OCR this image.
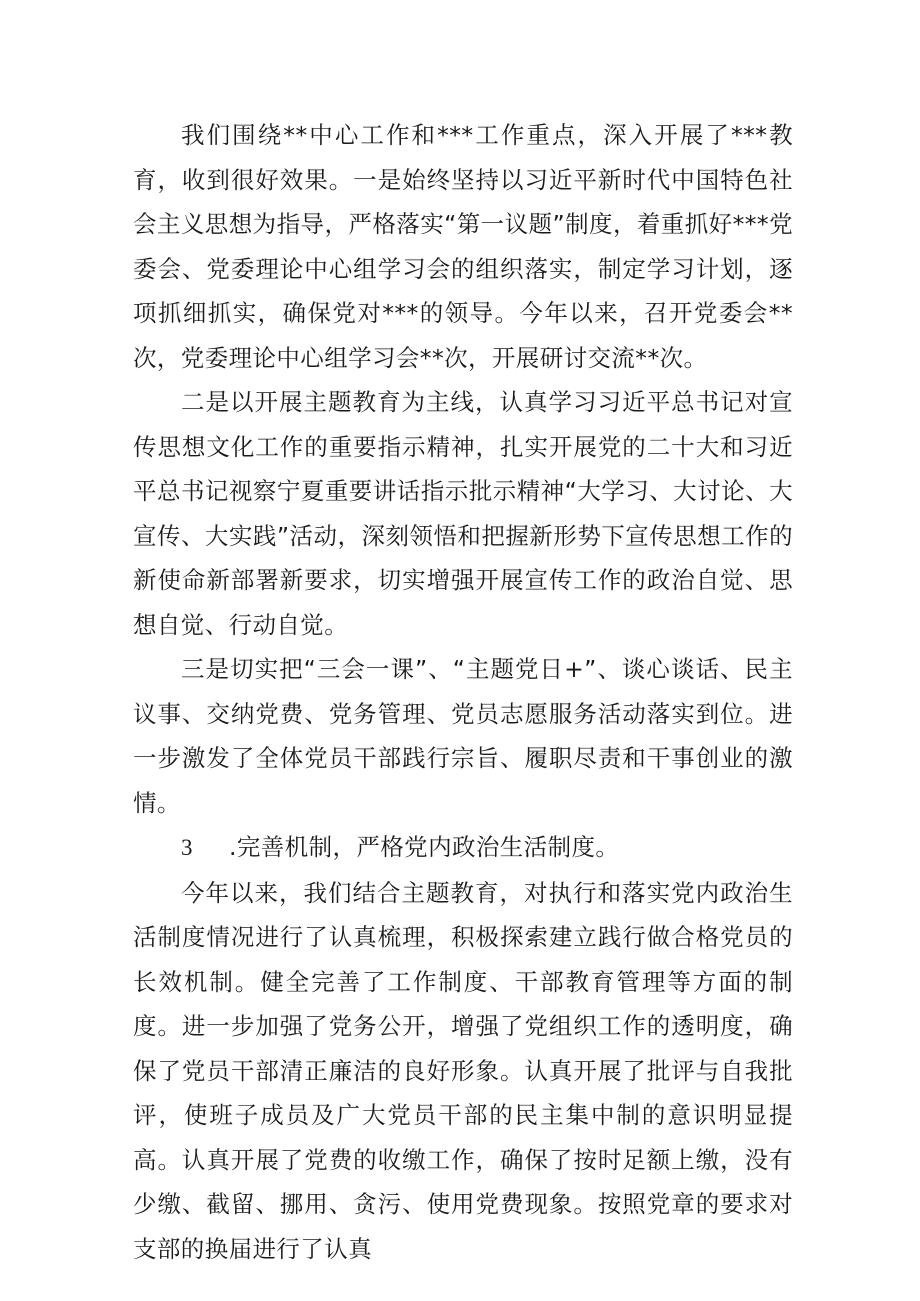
我们围绕**中心工作和***工作重点，深入开展了***教育，收到很好效果。一是始终坚持以习近平新时代中国特色社会主义思想为指导，严格落实“第一议题”制度，着重抓好***党委会、党委理论中心组学习会的组织落实，制定学习计划，逐项抓细抓实，确保党对***的领导。今年以来，召开党委会**次，党委理论中心组学习会**次，开展研讨交流**次。

二是以开展主题教育为主线，认真学习习近平总书记对宣传思想文化工作的重要指示精神，扎实开展党的二十大和习近平总书记视察宁夏重要讲话指示批示精神“大学习、大讨论、大宣传、大实践”活动，深刻领悟和把握新形势下宣传思想工作的新使命新部署新要求，切实增强开展宣传工作的政治自觉、思想自觉、行动自觉。

三是切实把“三会一课”、“主题党日+”、谈心谈话、民主议事、交纳党费、党务管理、党员志愿服务活动落实到位。进一步激发了全体党员干部践行宗旨、履职尽责和干事创业的激情。

3 .完善机制，严格党内政治生活制度。

今年以来，我们结合主题教育，对执行和落实党内政治生活制度情况进行了认真梳理，积极探索建立践行做合格党员的长效机制。健全完善了工作制度、干部教育管理等方面的制度。进一步加强了党务公开，增强了党组织工作的透明度，确保了党员干部清正廉洁的良好形象。认真开展了批评与自我批评，使班子成员及广大党员干部的民主集中制的意识明显提高。认真开展了党费的收缴工作，确保了按时足额上缴，没有少缴、截留、挪用、贪污、使用党费现象。按照党章的要求对支部的换届进行了认真
